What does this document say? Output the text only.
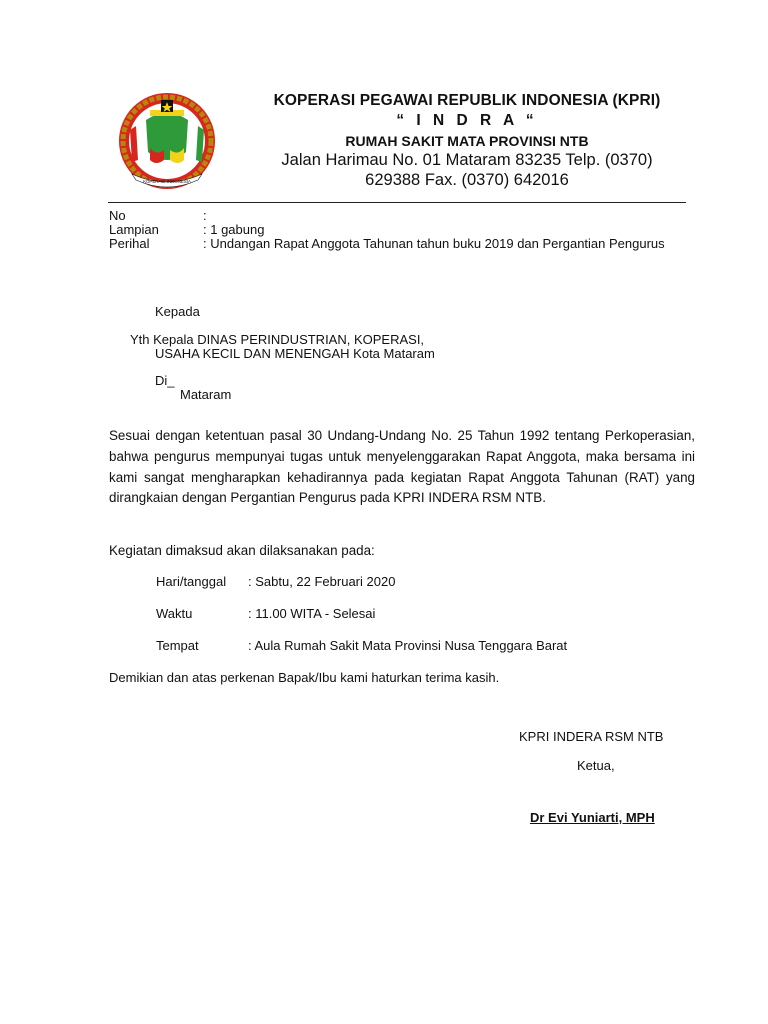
KOPERASI INDONESIA
KOPERASI PEGAWAI REPUBLIK INDONESIA (KPRI)
“ I N D R A “
RUMAH SAKIT MATA PROVINSI NTB
Jalan Harimau No. 01 Mataram 83235 Telp. (0370)
629388 Fax. (0370) 642016
No	:
Lampian	: 1 gabung
Perihal	: Undangan Rapat Anggota Tahunan tahun buku 2019 dan Pergantian Pengurus
Kepada
Yth Kepala DINAS PERINDUSTRIAN, KOPERASI,
USAHA KECIL DAN MENENGAH Kota Mataram
Di_
Mataram
Sesuai dengan ketentuan pasal 30 Undang-Undang No. 25 Tahun 1992 tentang Perkoperasian, bahwa pengurus mempunyai tugas untuk menyelenggarakan Rapat Anggota, maka bersama ini kami sangat mengharapkan kehadirannya pada kegiatan Rapat Anggota Tahunan (RAT) yang dirangkaian dengan Pergantian Pengurus pada KPRI INDERA RSM NTB.
Kegiatan dimaksud akan dilaksanakan pada:
Hari/tanggal : Sabtu, 22 Februari 2020
Waktu	: 11.00 WITA - Selesai
Tempat	: Aula Rumah Sakit Mata Provinsi Nusa Tenggara Barat
Demikian dan atas perkenan Bapak/Ibu kami haturkan terima kasih.
KPRI INDERA RSM NTB
Ketua,
Dr Evi Yuniarti, MPH
